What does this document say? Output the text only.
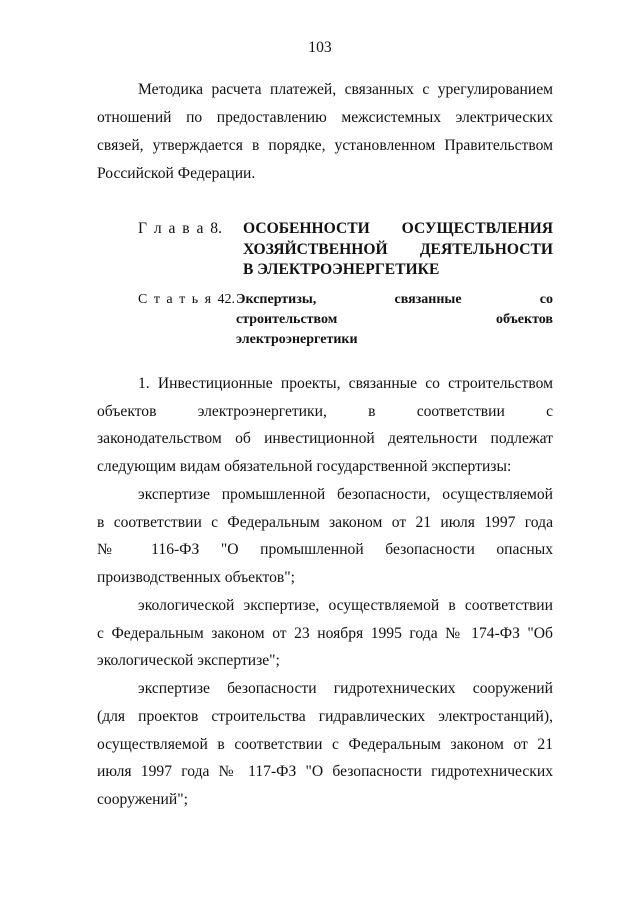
103
Методика расчета платежей, связанных с урегулированием
отношений по предоставлению межсистемных электрических
связей, утверждается в порядке, установленном Правительством
Российской Федерации.
Г л а в а 8. ОСОБЕННОСТИ ОСУЩЕСТВЛЕНИЯ
ХОЗЯЙСТВЕННОЙ ДЕЯТЕЛЬНОСТИ
В ЭЛЕКТРОЭНЕРГЕТИКЕ
С т а т ь я 42. Экспертизы, связанные со
строительством объектов
электроэнергетики
1. Инвестиционные проекты, связанные со строительством
объектов электроэнергетики, в соответствии с
законодательством об инвестиционной деятельности подлежат
следующим видам обязательной государственной экспертизы:
экспертизе промышленной безопасности, осуществляемой
в соответствии с Федеральным законом от 21 июля 1997 года
№ 116-ФЗ "О промышленной безопасности опасных
производственных объектов";
экологической экспертизе, осуществляемой в соответствии
с Федеральным законом от 23 ноября 1995 года № 174-ФЗ "Об
экологической экспертизе";
экспертизе безопасности гидротехнических сооружений
(для проектов строительства гидравлических электростанций),
осуществляемой в соответствии с Федеральным законом от 21
июля 1997 года № 117-ФЗ "О безопасности гидротехнических
сооружений";
